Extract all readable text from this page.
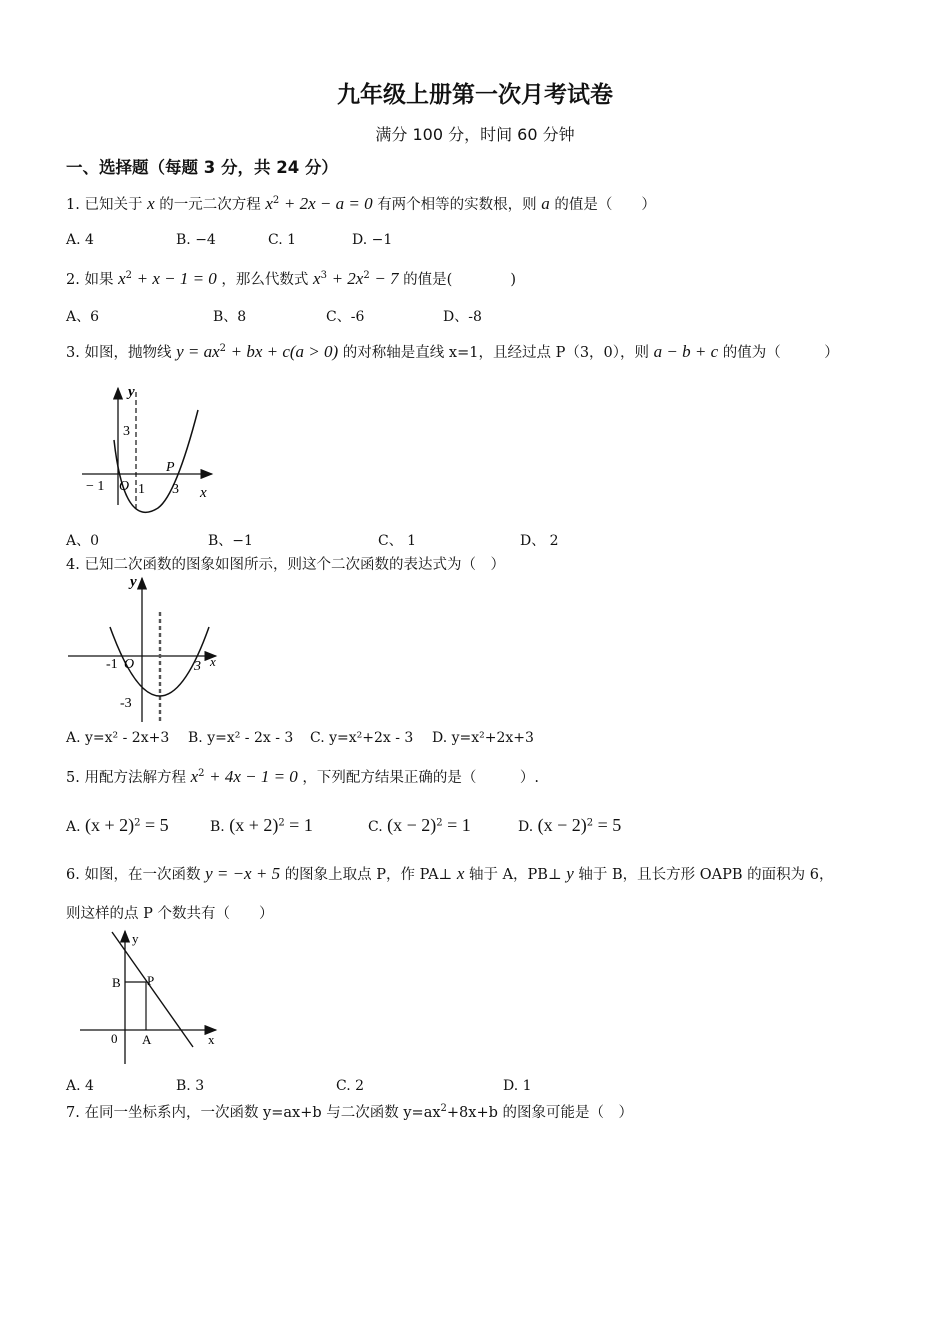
九年级上册第一次月考试卷
满分 100 分，时间 60 分钟
一、选择题（每题 3 分，共 24 分）
1. 已知关于 x 的一元二次方程 $x^2 + 2x - a = 0$ 有两个相等的实数根，则 a 的值是（　　）
A. 4	B. −4	C. 1	D. −1
2. 如果 $x^2 + x - 1 = 0$ ，那么代数式 $x^3 + 2x^2 - 7$ 的值是(　　　　)
A、6	B、8	C、-6	D、-8
3. 如图，抛物线 $y = ax^2$ + bx + c(a > 0) 的对称轴是直线 x=1，且经过点 P（3，0），则 a − b + c 的值为（　　　）
y
3
− 1 O 1 3
P
x
A、0	B、−1	C、 1	D、 2
4. 已知二次函数的图象如图所示，则这个二次函数的表达式为（　）
y
-1 O	3 x
-3
A. y=x² - 2x+3 B. y=x² - 2x - 3 C. y=x²+2x - 3 D. y=x²+2x+3
5. 用配方法解方程 $x^2 + 4x - 1 = 0$ ，下列配方结果正确的是（　　　）.
A. $(x + 2)^2 = 5$	B. $(x + 2)^2 = 1$	C. $(x - 2)^2 = 1$	D. $(x - 2)^2 = 5$
6. 如图，在一次函数 y = −x + 5 的图象上取点 P，作 PA⊥ x 轴于 A，PB⊥ y 轴于 B，且长方形 OAPB 的面积为 6，
则这样的点 P 个数共有（　　）
y
B P
0 A	x
A. 4	B. 3	C. 2	D. 1
7. 在同一坐标系内，一次函数 y=ax+b 与二次函数 $y=ax^2+8x+b$ 的图象可能是（　）
